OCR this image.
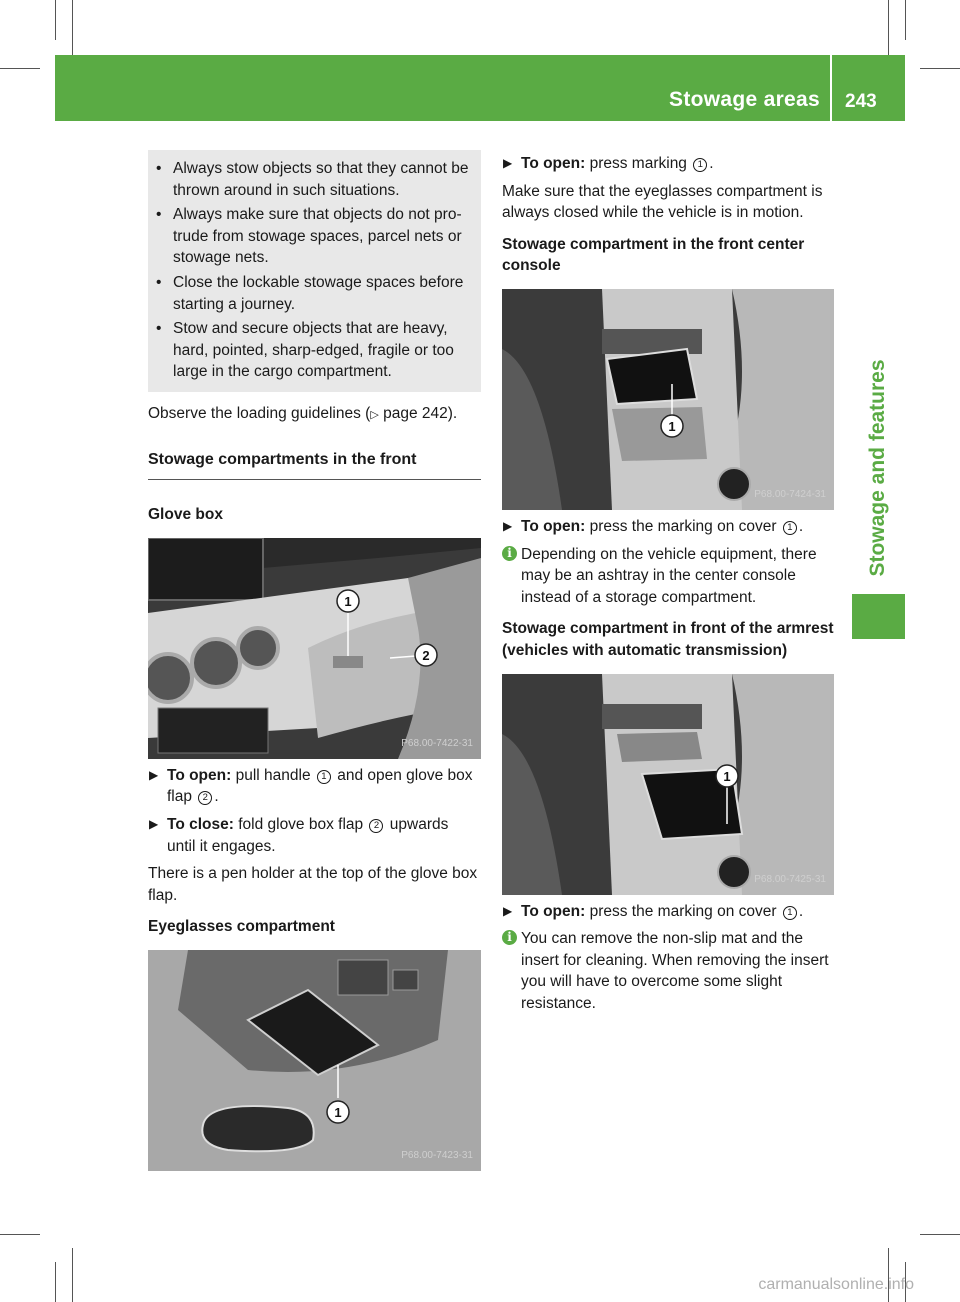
Stowage areas 243
Stowage and features
• Always stow objects so that they cannot be thrown around in such situations.
• Always make sure that objects do not protrude from stowage spaces, parcel nets or stowage nets.
• Close the lockable stowage spaces before starting a journey.
• Stow and secure objects that are heavy, hard, pointed, sharp-edged, fragile or too large in the cargo compartment.

Observe the loading guidelines (▷ page 242).

Stowage compartments in the front
Glove box
1
2
P68.00-7422-31
▶ To open: pull handle 1 and open glove box flap 2 .
▶ To close: fold glove box flap 2 upwards until it engages.

There is a pen holder at the top of the glove box flap.

Eyeglasses compartment
1
P68.00-7423-31
▶ To open: press marking 1 .

Make sure that the eyeglasses compartment is always closed while the vehicle is in motion.

Stowage compartment in the front center console
1
P68.00-7424-31
▶ To open: press the marking on cover 1 .
i Depending on the vehicle equipment, there may be an ashtray in the center console instead of a storage compartment.
Stowage compartment in front of the armrest (vehicles with automatic transmission)
1
P68.00-7425-31
▶ To open: press the marking on cover 1 .
i You can remove the non-slip mat and the insert for cleaning. When removing the insert you will have to overcome some slight resistance.
carmanualsonline.info
